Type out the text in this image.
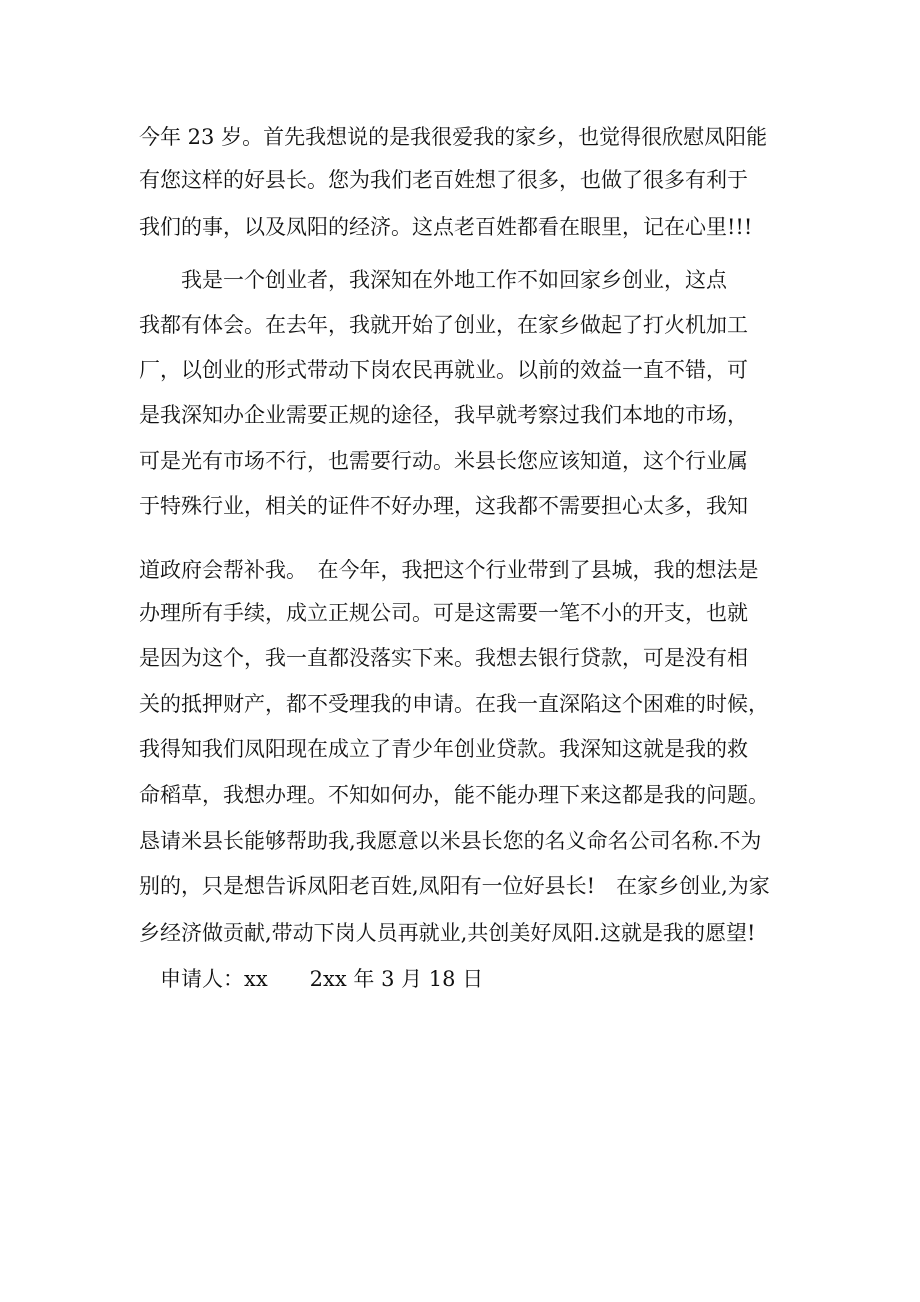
今年 23 岁。首先我想说的是我很爱我的家乡，也觉得很欣慰凤阳能
有您这样的好县长。您为我们老百姓想了很多，也做了很多有利于
我们的事，以及凤阳的经济。这点老百姓都看在眼里，记在心里!!!
　　我是一个创业者，我深知在外地工作不如回家乡创业，这点
我都有体会。在去年，我就开始了创业，在家乡做起了打火机加工
厂，以创业的形式带动下岗农民再就业。以前的效益一直不错，可
是我深知办企业需要正规的途径，我早就考察过我们本地的市场，
可是光有市场不行，也需要行动。米县长您应该知道，这个行业属
于特殊行业，相关的证件不好办理，这我都不需要担心太多，我知
道政府会帮补我。　在今年，我把这个行业带到了县城，我的想法是
办理所有手续，成立正规公司。可是这需要一笔不小的开支，也就
是因为这个，我一直都没落实下来。我想去银行贷款，可是没有相
关的抵押财产，都不受理我的申请。在我一直深陷这个困难的时候，
我得知我们凤阳现在成立了青少年创业贷款。我深知这就是我的救
命稻草，我想办理。不知如何办，能不能办理下来这都是我的问题。
恳请米县长能够帮助我,我愿意以米县长您的名义命名公司名称.不为
别的，只是想告诉凤阳老百姓,凤阳有一位好县长!　在家乡创业,为家
乡经济做贡献,带动下岗人员再就业,共创美好凤阳.这就是我的愿望!
　申请人：xx　　2xx 年 3 月 18 日
